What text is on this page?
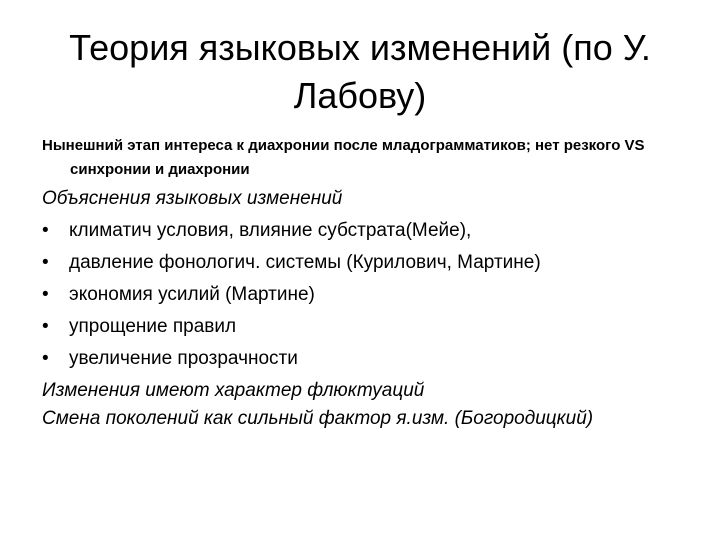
Теория языковых изменений (по У. Лабову)

Нынешний этап интереса к диахронии после младограмматиков; нет резкого VS синхронии и диахронии

Объяснения языковых изменений

•	климатич условия, влияние субстрата(Мейе),
•	давление фонологич. системы (Курилович, Мартине)
•	экономия усилий (Мартине)
•	упрощение правил
•	увеличение прозрачности

Изменения имеют характер флюктуаций

Смена поколений как сильный фактор я.изм. (Богородицкий)
